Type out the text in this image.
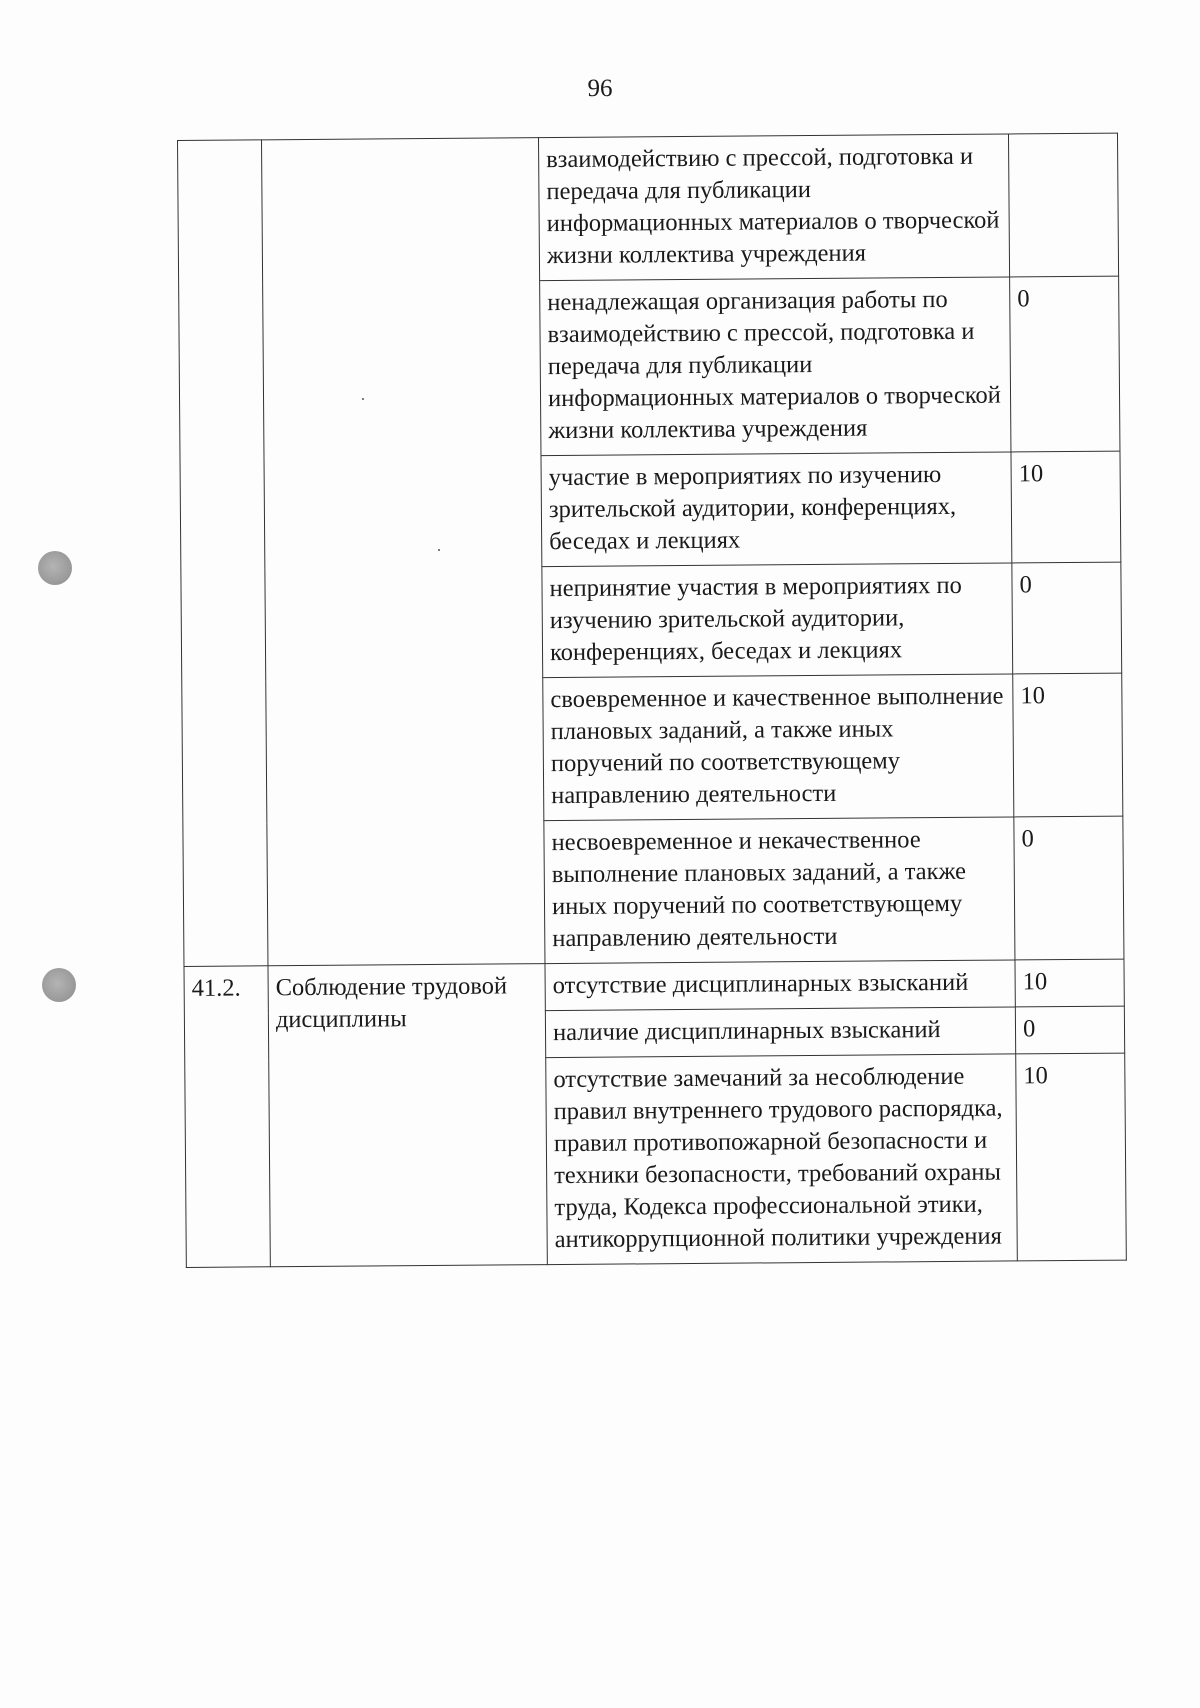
96
		взаимодействию с прессой, подготовка и передача для публикации информационных материалов о творческой жизни коллектива учреждения	
		ненадлежащая организация работы по взаимодействию с прессой, подготовка и передача для публикации информационных материалов о творческой жизни коллектива учреждения	0
		участие в мероприятиях по изучению зрительской аудитории, конференциях, беседах и лекциях	10
		непринятие участия в мероприятиях по изучению зрительской аудитории, конференциях, беседах и лекциях	0
		своевременное и качественное выполнение плановых заданий, а также иных поручений по соответствующему направлению деятельности	10
		несвоевременное и некачественное выполнение плановых заданий, а также иных поручений по соответствующему направлению деятельности	0
41.2.	Соблюдение трудовой дисциплины	отсутствие дисциплинарных взысканий	10
		наличие дисциплинарных взысканий	0
		отсутствие замечаний за несоблюдение правил внутреннего трудового распорядка, правил противопожарной безопасности и техники безопасности, требований охраны труда, Кодекса профессиональной этики, антикоррупционной политики учреждения	10
